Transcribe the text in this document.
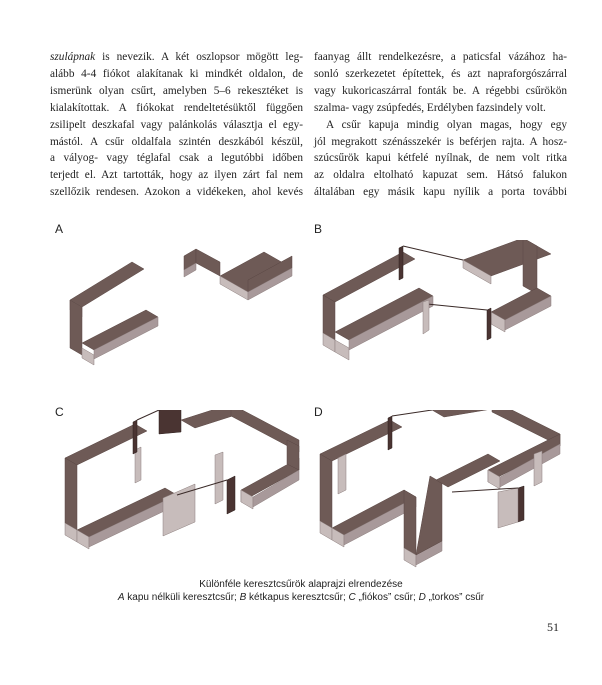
szulápnak is nevezik. A két oszlopsor mögött leg-
alább 4-4 fiókot alakítanak ki mindkét oldalon, de
ismerünk olyan csűrt, amelyben 5–6 rekesztéket is
kialakítottak. A fiókokat rendeltetésüktől függően
zsilipelt deszkafal vagy palánkolás választja el egy-
mástól. A csűr oldalfala szintén deszkából készül,
a vályog- vagy téglafal csak a legutóbbi időben
terjedt el. Azt tartották, hogy az ilyen zárt fal nem
szellőzik rendesen. Azokon a vidékeken, ahol kevés
faanyag állt rendelkezésre, a paticsfal vázához ha-
sonló szerkezetet építettek, és azt napraforgószárral
vagy kukoricaszárral fonták be. A régebbi csűrökön
szalma- vagy zsúpfedés, Erdélyben fazsindely volt.
A csűr kapuja mindig olyan magas, hogy egy
jól megrakott szénásszekér is beférjen rajta. A hosz-
szúcsűrök kapui kétfelé nyílnak, de nem volt ritka
az oldalra eltolható kapuzat sem. Hátsó falukon
általában egy másik kapu nyílik a porta további
A	B
C	D
Különféle keresztcsűrök alaprajzi elrendezése
A kapu nélküli keresztcsűr; B kétkapus keresztcsűr; C „fiókos” csűr; D „torkos” csűr
51
